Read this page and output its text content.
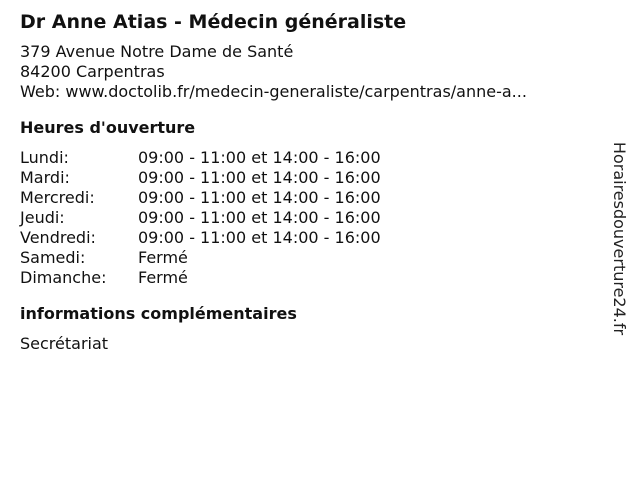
Dr Anne Atias - Médecin généraliste
379 Avenue Notre Dame de Santé
84200 Carpentras
Web: www.doctolib.fr/medecin-generaliste/carpentras/anne-a...
Heures d'ouverture
Lundi:	09:00 - 11:00 et 14:00 - 16:00
Mardi:	09:00 - 11:00 et 14:00 - 16:00
Mercredi:	09:00 - 11:00 et 14:00 - 16:00
Jeudi:	09:00 - 11:00 et 14:00 - 16:00
Vendredi:	09:00 - 11:00 et 14:00 - 16:00
Samedi:	Fermé
Dimanche:	Fermé
informations complémentaires
Secrétariat
Horairesdouverture24.fr
